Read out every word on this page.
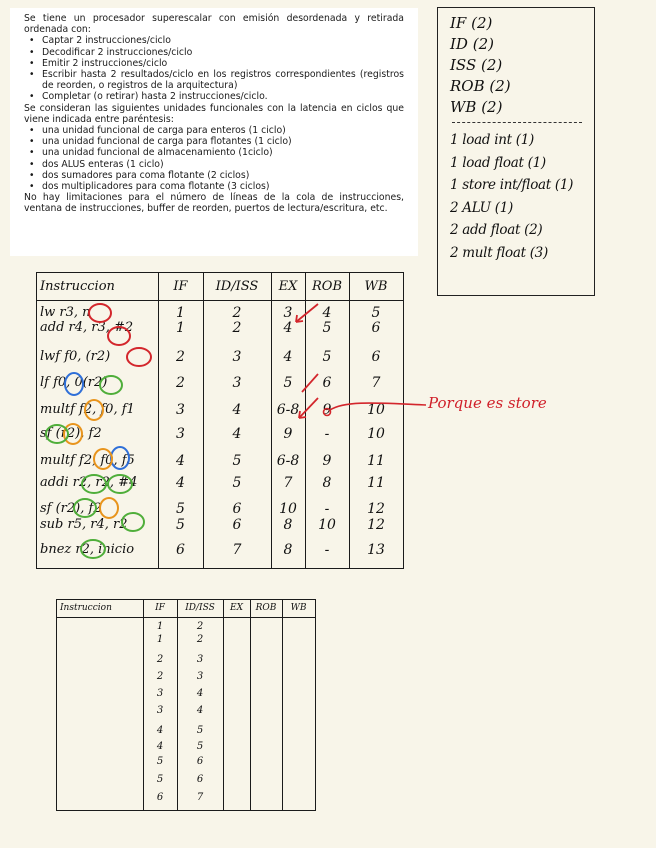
Se tiene un procesador superescalar con emisión desordenada y retirada ordenada con:

• Captar 2 instrucciones/ciclo
• Decodificar 2 instrucciones/ciclo
• Emitir 2 instrucciones/ciclo
• Escribir hasta 2 resultados/ciclo en los registros correspondientes (registros de reorden, o registros de la arquitectura)
• Completar (o retirar) hasta 2 instrucciones/ciclo.

Se consideran las siguientes unidades funcionales con la latencia en ciclos que viene indicada entre paréntesis:

• una unidad funcional de carga para enteros (1 ciclo)
• una unidad funcional de carga para flotantes (1 ciclo)
• una unidad funcional de almacenamiento (1ciclo)
• dos ALUS enteras (1 ciclo)
• dos sumadores para coma flotante (2 ciclos)
• dos multiplicadores para coma flotante (3 ciclos)

No hay limitaciones para el número de líneas de la cola de instrucciones, ventana de instrucciones, buffer de reorden, puertos de lectura/escritura, etc.

IF (2)
ID (2)
ISS (2)
ROB (2)
WB (2)
1 load int (1)
1 load float (1)
1 store int/float (1)
2 ALU (1)
2 add float (2)
2 mult float (3)
Instruccion	IF ID/ISS EX ROB WB
lw r3, n	1	2	3 4	5
add r4, r3, #2	1	2	4 5	6
lwf f0, (r2)	2	3	4 5	6
lf f0, 0(r2)	2	3	5 6	7
multf f2, f0, f1	3	4	6-8 9	10
sf (r2), f2	3	4	9 -	10
multf f2, f0, f5	4	5	6-8 9	11
addi r2, r2, #4	4	5	7 8	11
sf (r2), f2	5	6	10 -	12
sub r5, r4, r2	5	6	8 10 12
bnez r2, inicio	6	7	8 -	13
Instruccion	IF ID/ISS EX ROB WB
1	2
1	2
2	3
2	3
3	4
3	4
4	5
4	5
5	6
5	6
6	7
Porque es store
